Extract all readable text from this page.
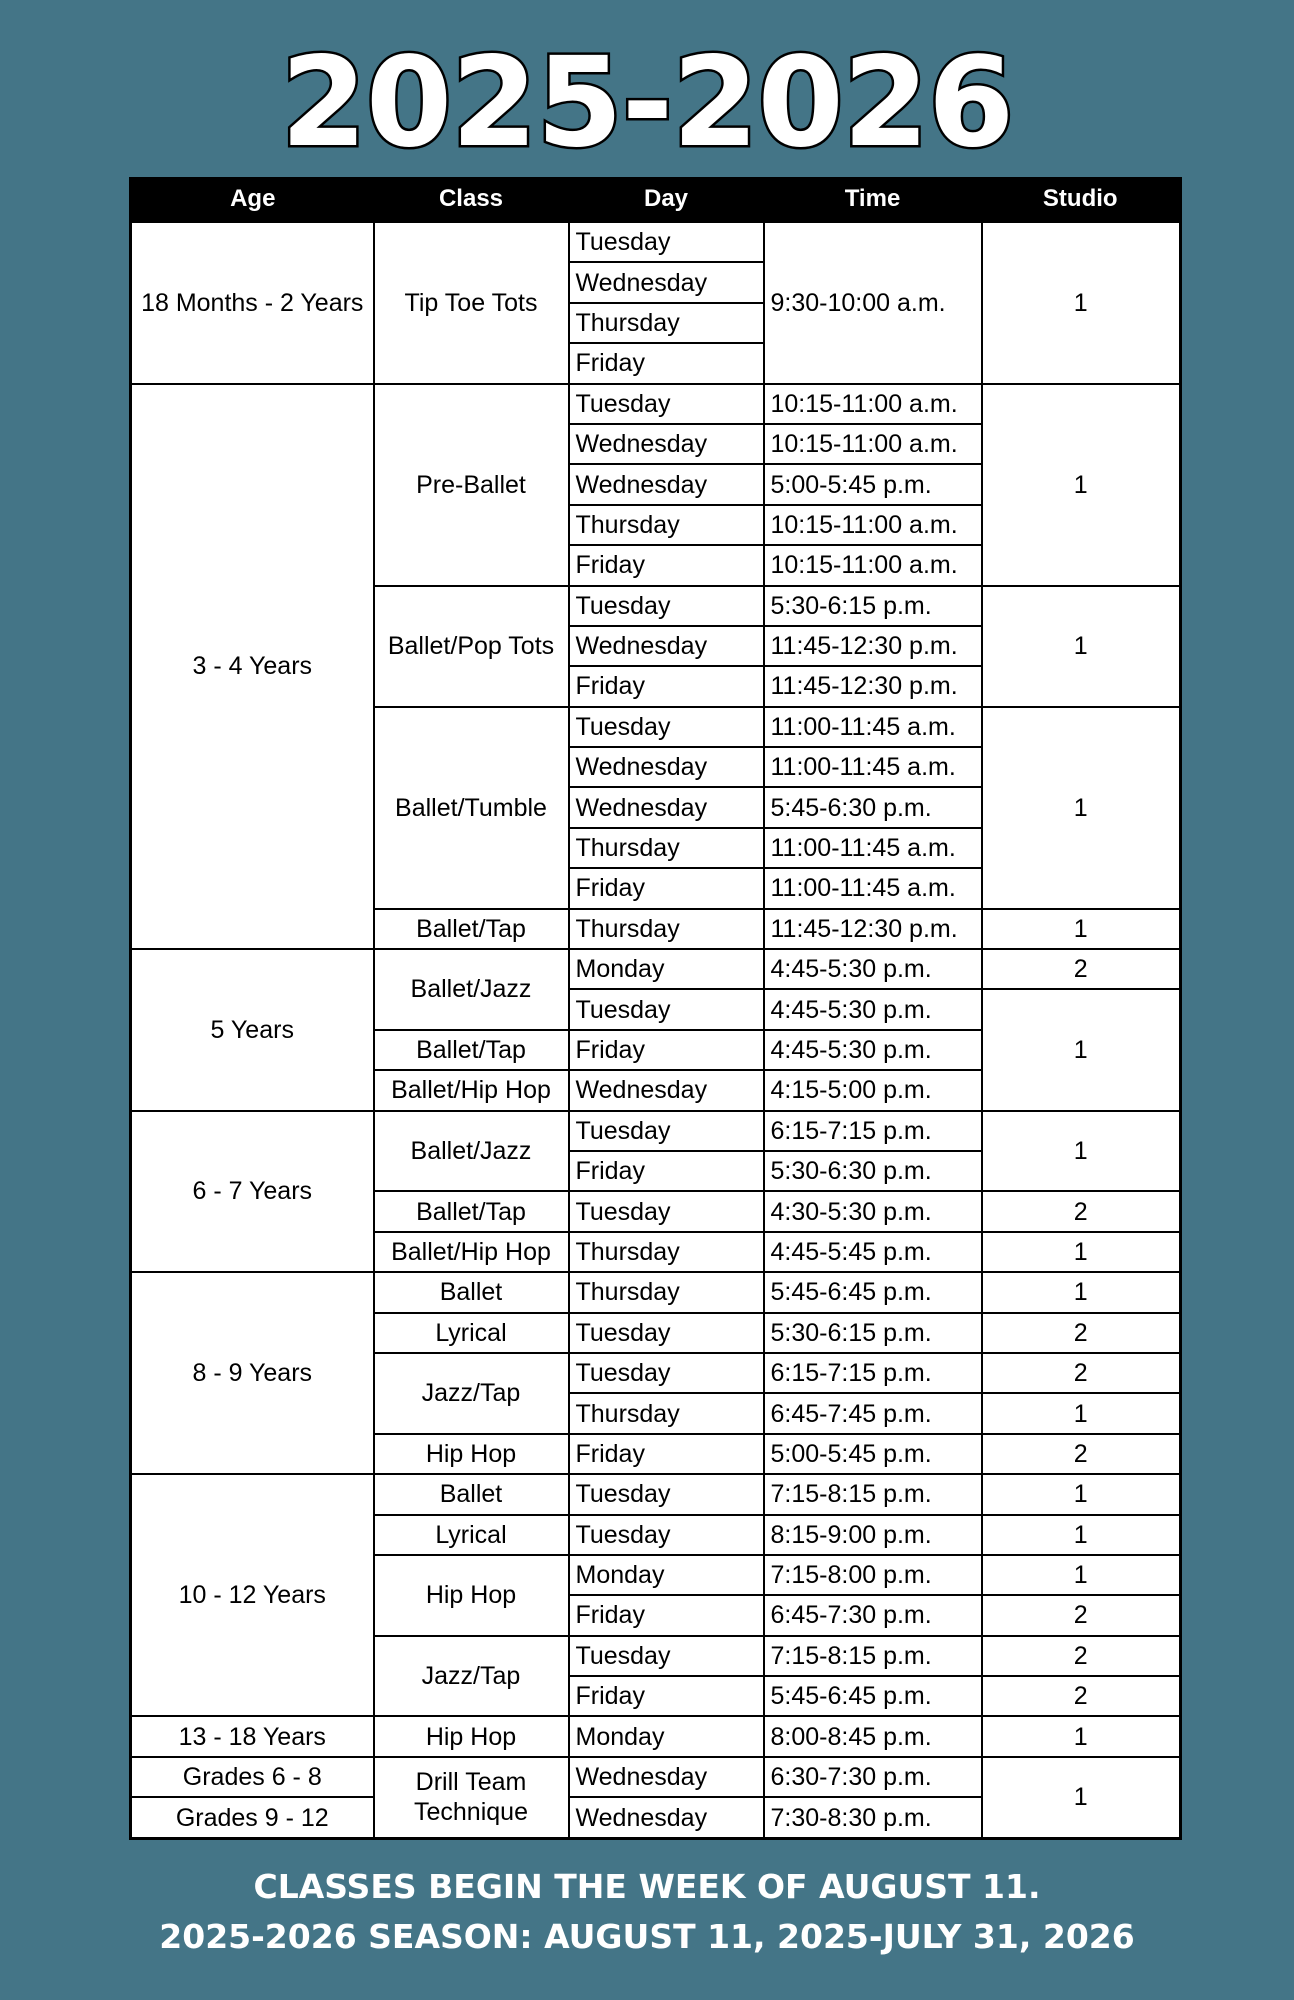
2025-2026
Age	Class	Day	Time	Studio
18 Months - 2 Years	Tip Toe Tots	Tuesday	9:30-10:00 a.m.	1
		Wednesday		
		Thursday		
		Friday		
3 - 4 Years	Pre-Ballet	Tuesday	10:15-11:00 a.m.	1
		Wednesday	10:15-11:00 a.m.	
		Wednesday	5:00-5:45 p.m.	
		Thursday	10:15-11:00 a.m.	
		Friday	10:15-11:00 a.m.	
	Ballet/Pop Tots	Tuesday	5:30-6:15 p.m.	1
		Wednesday	11:45-12:30 p.m.	
		Friday	11:45-12:30 p.m.	
	Ballet/Tumble	Tuesday	11:00-11:45 a.m.	1
		Wednesday	11:00-11:45 a.m.	
		Wednesday	5:45-6:30 p.m.	
		Thursday	11:00-11:45 a.m.	
		Friday	11:00-11:45 a.m.	
	Ballet/Tap	Thursday	11:45-12:30 p.m.	1
5 Years	Ballet/Jazz	Monday	4:45-5:30 p.m.	2
		Tuesday	4:45-5:30 p.m.	1
	Ballet/Tap	Friday	4:45-5:30 p.m.	
	Ballet/Hip Hop	Wednesday	4:15-5:00 p.m.	
6 - 7 Years	Ballet/Jazz	Tuesday	6:15-7:15 p.m.	1
		Friday	5:30-6:30 p.m.	
	Ballet/Tap	Tuesday	4:30-5:30 p.m.	2
	Ballet/Hip Hop	Thursday	4:45-5:45 p.m.	1
8 - 9 Years	Ballet	Thursday	5:45-6:45 p.m.	1
	Lyrical	Tuesday	5:30-6:15 p.m.	2
	Jazz/Tap	Tuesday	6:15-7:15 p.m.	2
		Thursday	6:45-7:45 p.m.	1
	Hip Hop	Friday	5:00-5:45 p.m.	2
10 - 12 Years	Ballet	Tuesday	7:15-8:15 p.m.	1
	Lyrical	Tuesday	8:15-9:00 p.m.	1
	Hip Hop	Monday	7:15-8:00 p.m.	1
		Friday	6:45-7:30 p.m.	2
	Jazz/Tap	Tuesday	7:15-8:15 p.m.	2
		Friday	5:45-6:45 p.m.	2
13 - 18 Years	Hip Hop	Monday	8:00-8:45 p.m.	1
Grades 6 - 8	Drill Team Technique	Wednesday	6:30-7:30 p.m.	1
Grades 9 - 12		Wednesday	7:30-8:30 p.m.	
CLASSES BEGIN THE WEEK OF AUGUST 11.
2025-2026 SEASON: AUGUST 11, 2025-JULY 31, 2026
